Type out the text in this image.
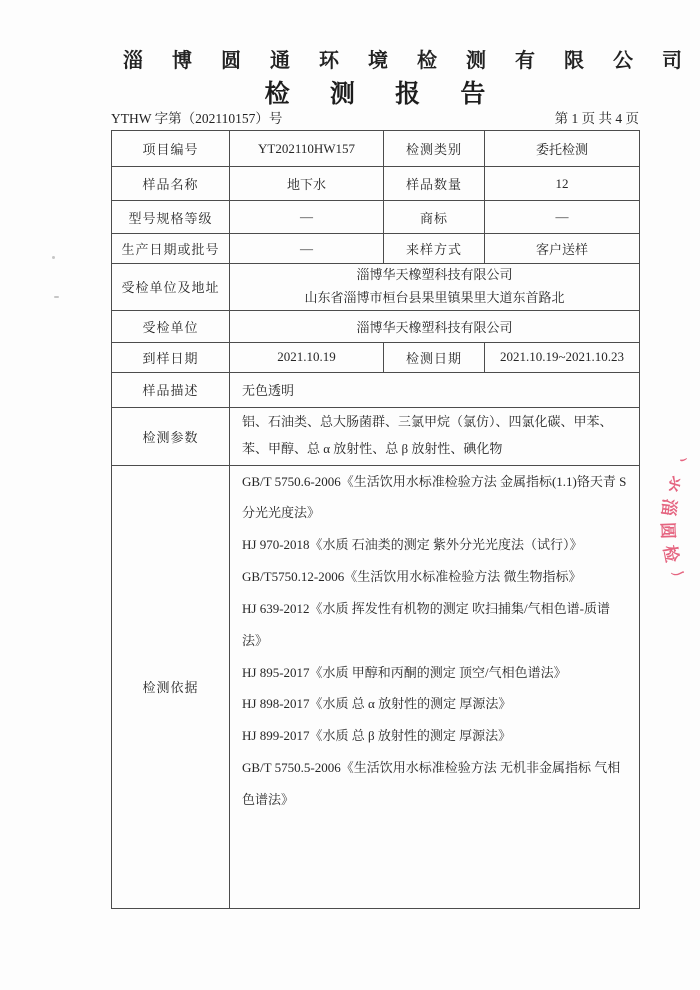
淄 博 圆 通 环 境 检 测 有 限 公 司
检 测 报 告
YTHW 字第（202110157）号	第 1 页 共 4 页
项目编号	YT202110HW157	检测类别	委托检测
样品名称	地下水	样品数量	12
型号规格等级	—	商标	—
生产日期或批号	—	来样方式	客户送样
受检单位及地址	淄博华天橡塑科技有限公司
山东省淄博市桓台县果里镇果里大道东首路北		

受检单位	淄博华天橡塑科技有限公司		
到样日期	2021.10.19	检测日期	2021.10.19~2021.10.23
样品描述	无色透明		
检测参数	铝、石油类、总大肠菌群、三氯甲烷（氯仿）、四氯化碳、甲苯、苯、甲醇、总 α 放射性、总 β 放射性、碘化物		
检测依据	
GB/T 5750.6-2006《生活饮用水标准检验方法 金属指标(1.1)铬天青 S 分光光度法》
HJ 970-2018《水质 石油类的测定 紫外分光光度法（试行）》
GB/T5750.12-2006《生活饮用水标准检验方法 微生物指标》
HJ 639-2012《水质 挥发性有机物的测定 吹扫捕集/气相色谱-质谱法》
HJ 895-2017《水质 甲醇和丙酮的测定 顶空/气相色谱法》
HJ 898-2017《水质 总 α 放射性的测定 厚源法》
HJ 899-2017《水质 总 β 放射性的测定 厚源法》
GB/T 5750.5-2006《生活饮用水标准检验方法 无机非金属指标 气相色谱法》
丶
氺
淄
圆
检
丿
